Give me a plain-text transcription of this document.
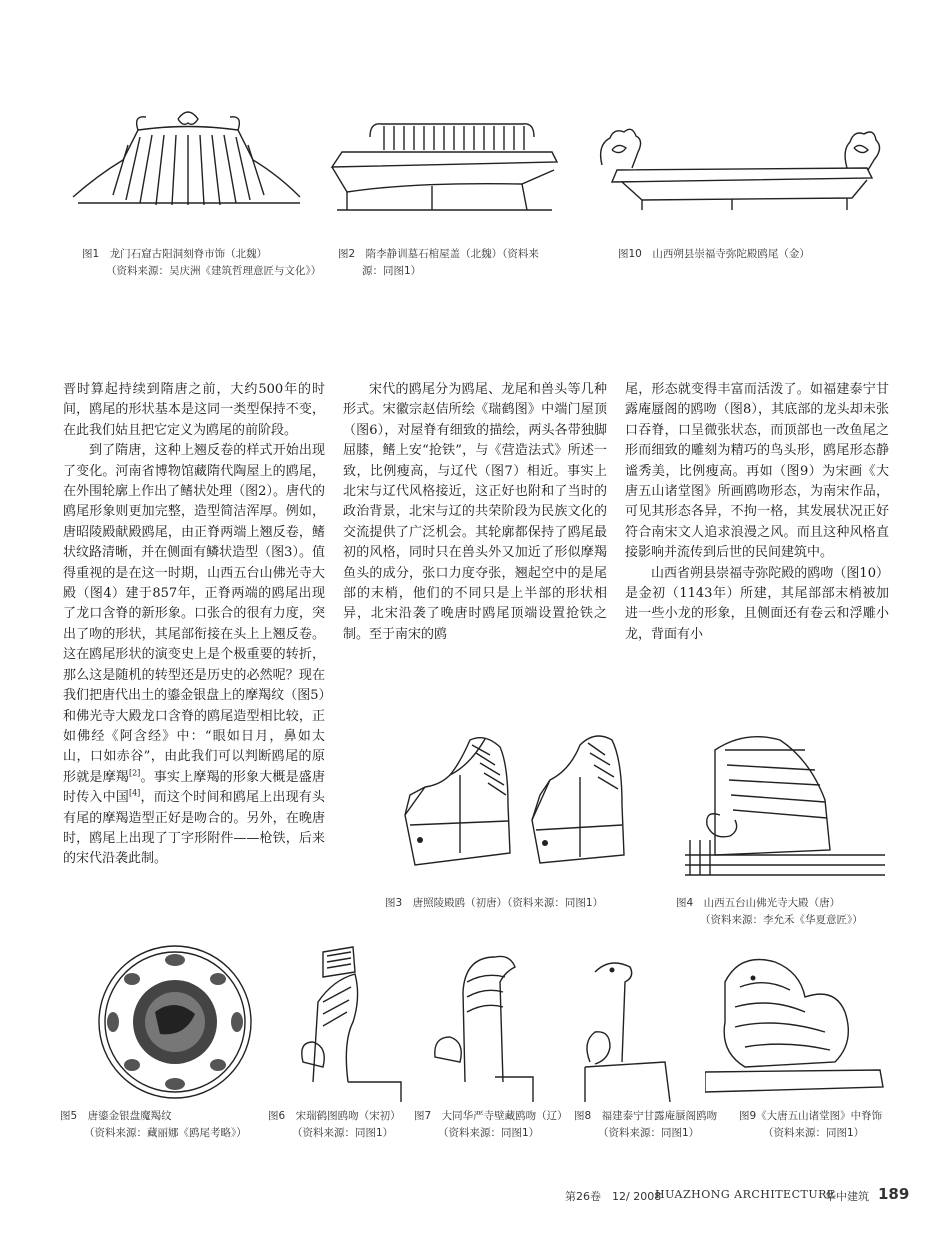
图1　龙门石窟古阳洞刻脊市饰（北魏）
（资料来源：吴庆洲《建筑哲理意匠与文化》）
图2　隋李静训墓石棺屋盖（北魏）（资料来
源：同图1）
图10　山西朔县崇福寺弥陀殿鸥尾（金）

晋时算起持续到隋唐之前，大约500年的时间，鸥尾的形状基本是这同一类型保持不变，在此我们姑且把它定义为鸥尾的前阶段。

到了隋唐，这种上翘反卷的样式开始出现了变化。河南省博物馆藏隋代陶屋上的鸥尾，在外围轮廓上作出了鳍状处理（图2）。唐代的鸥尾形象则更加完整，造型简洁浑厚。例如，唐昭陵殿献殿鸥尾，由正脊两端上翘反卷，鳍状纹路清晰，并在侧面有鳞状造型（图3）。值得重视的是在这一时期，山西五台山佛光寺大殿（图4）建于857年，正脊两端的鸥尾出现了龙口含脊的新形象。口张合的很有力度，突出了吻的形状，其尾部衔接在头上上翘反卷。这在鸥尾形状的演变史上是个极重要的转折，那么这是随机的转型还是历史的必然呢？现在我们把唐代出土的鎏金银盘上的摩羯纹（图5）和佛光寺大殿龙口含脊的鸥尾造型相比较，正如佛经《阿含经》中：“眼如日月，鼻如太山，口如赤谷”，由此我们可以判断鸥尾的原形就是摩羯[2]。事实上摩羯的形象大概是盛唐时传入中国[4]，而这个时间和鸥尾上出现有头有尾的摩羯造型正好是吻合的。另外，在晚唐时，鸥尾上出现了丁字形附件——枪铁，后来的宋代沿袭此制。

宋代的鸥尾分为鸥尾、龙尾和兽头等几种形式。宋徽宗赵佶所绘《瑞鹤图》中端门屋顶（图6），对屋脊有细致的描绘，两头各带独脚屈膝，鳍上安“抢铁”，与《营造法式》所述一致，比例瘦高，与辽代（图7）相近。事实上北宋与辽代风格接近，这正好也附和了当时的政治背景，北宋与辽的共荣阶段为民族文化的交流提供了广泛机会。其轮廓都保持了鸥尾最初的风格，同时只在兽头外又加近了形似摩羯鱼头的成分，张口力度夺张，翘起空中的是尾部的末梢，他们的不同只是上半部的形状相异，北宋沿袭了晚唐时鸥尾顶端设置抢铁之制。至于南宋的鸥

尾，形态就变得丰富而活泼了。如福建泰宁甘露庵蜃阁的鸥吻（图8），其底部的龙头却未张口吞脊，口呈微张状态，而顶部也一改鱼尾之形而细致的雕刻为精巧的鸟头形，鸥尾形态静谧秀美，比例瘦高。再如（图9）为宋画《大唐五山诸堂图》所画鸥吻形态，为南宋作品，可见其形态各异，不拘一格，其发展状况正好符合南宋文人追求浪漫之风。而且这种风格直接影响并流传到后世的民间建筑中。

山西省朔县崇福寺弥陀殿的鸥吻（图10）是金初（1143年）所建，其尾部部末梢被加进一些小龙的形象，且侧面还有卷云和浮雕小龙，背面有小

图3　唐照陵殿鸥（初唐）（资料来源：同图1）	图4　山西五台山佛光寺大殿（唐）
（资料来源：李允禾《华夏意匠》）
图5　唐鎏金银盘魔羯纹
（资料来源：藏丽娜《鸥尾考略》）
图6　宋瑞鹤图鸥吻（宋初）
（资料来源：同图1）
图7　大同华严寺壁藏鸥吻（辽）
（资料来源：同图1）
图8　福建泰宁甘露庵蜃阁鸥吻
（资料来源：同图1）
图9《大唐五山诸堂图》中脊饰
（资料来源：同图1）
第26卷　12/ 2008
HUAZHONG ARCHITECTURE
华中建筑 189
